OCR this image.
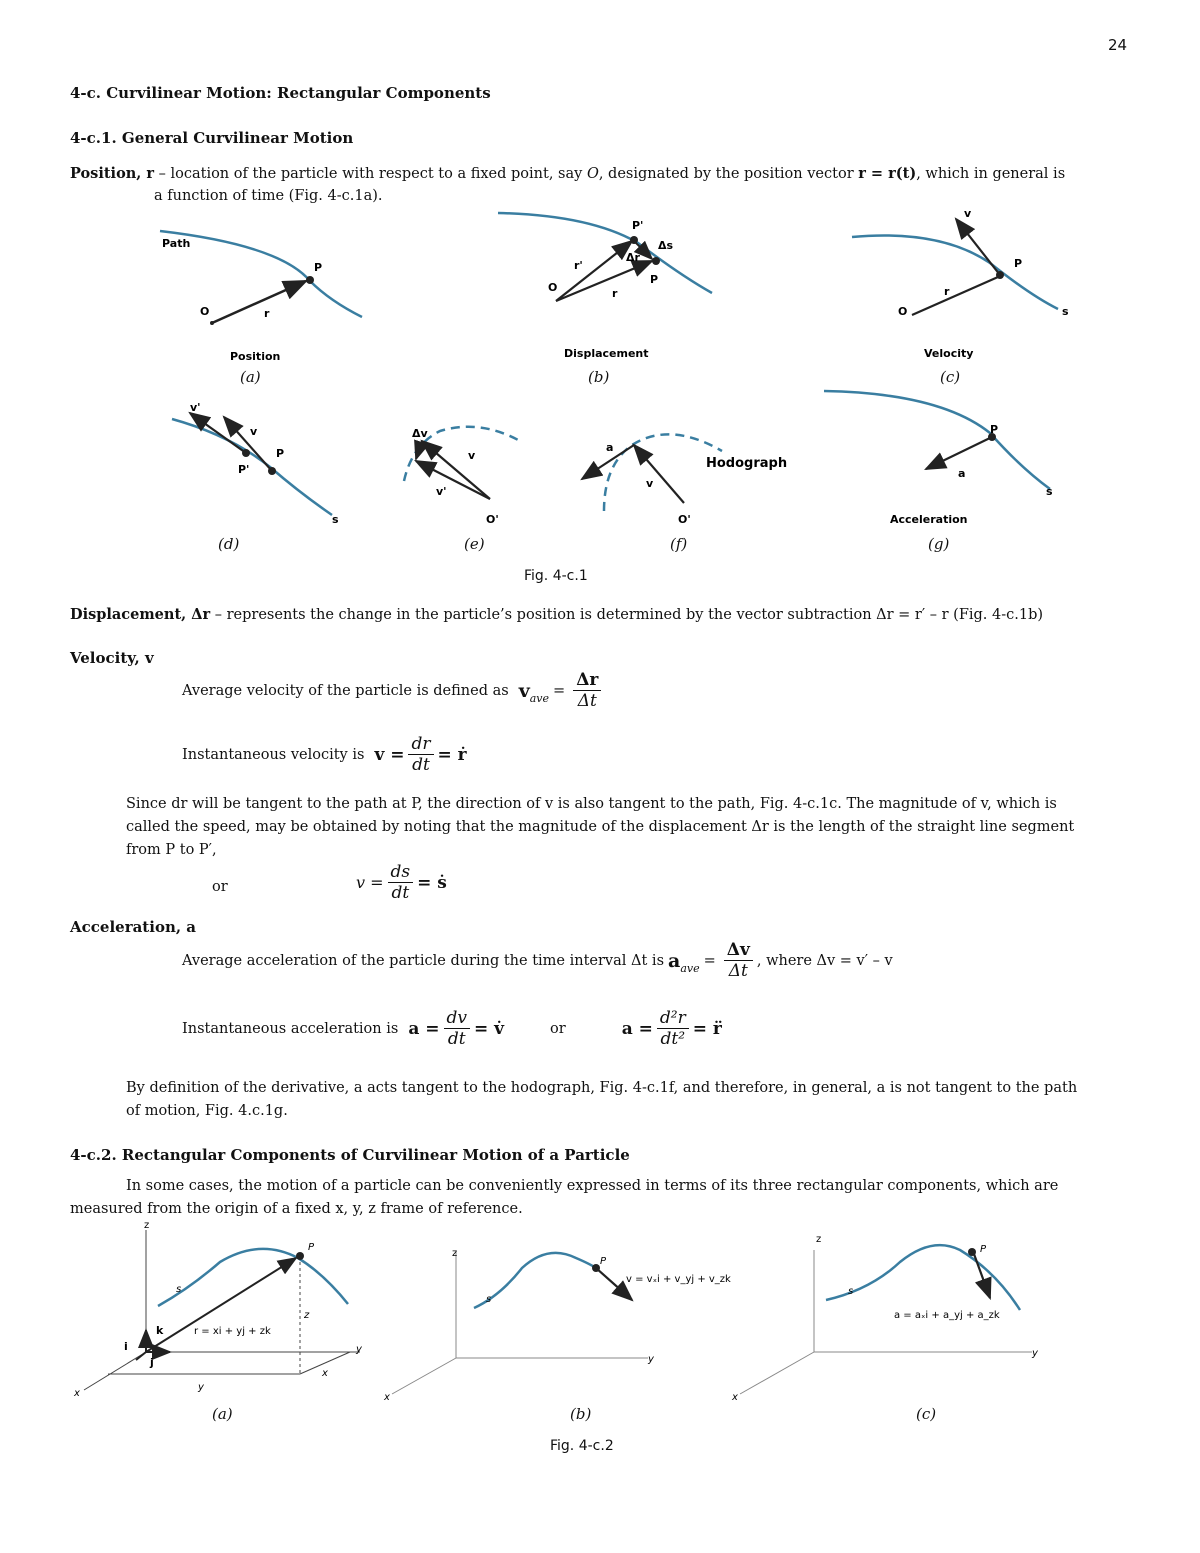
24
4-c. Curvilinear Motion: Rectangular Components
4-c.1. General Curvilinear Motion
Position, r – location of the particle with respect to a fixed point, say O, designated by the position vector r = r(t), which in general is
a function of time (Fig. 4-c.1a).
Path
P
O	r
Position
P'
Δs
Δr
r'
r
P
O
Displacement
v
P
r
O	s
Velocity
v'
v
P
P'
s
Δv
v
v'
O'
a
v
O'
Hodograph
P
a
s
Acceleration
(a)	(b)	(c)
(d)	(e)	(f)	(g)
Fig. 4-c.1
Displacement, Δr – represents the change in the particle’s position is determined by the vector subtraction Δr = r′ – r (Fig. 4-c.1b)
Velocity, v
Average velocity of the particle is defined as $v_{ave} = \frac{\Delta r}{\Delta t}$
Instantaneous velocity is $v = \frac{dr}{dt}$ = ṙ
Since dr will be tangent to the path at P, the direction of v is also tangent to the path, Fig. 4-c.1c. The magnitude of v, which is
called the speed, may be obtained by noting that the magnitude of the displacement Δr is the length of the straight line segment
from P to P′,
or	$v = \frac{ds}{dt}$ = ṡ
Acceleration, a
Average acceleration of the particle during the time interval Δt is $a_{ave} = \frac{\Delta v}{\Delta t}$ , where Δv = v′ – v
Instantaneous acceleration is $a = \frac{dv}{dt}$ = v̇	or	$a = \frac{\text{d²r}}{\text{dt²}}$ = r̈
By definition of the derivative, a acts tangent to the hodograph, Fig. 4-c.1f, and therefore, in general, a is not tangent to the path
of motion, Fig. 4.c.1g.
4-c.2. Rectangular Components of Curvilinear Motion of a Particle
In some cases, the motion of a particle can be conveniently expressed in terms of its three rectangular components, which are
measured from the origin of a fixed x, y, z frame of reference.
z
y
x
P
s
k
i
j
r = xi + yj + zk
z
x
y
z
y
x
P
s
v = vₓi + v_yj + v_zk
z
y
x
P
s
a = aₓi + a_yj + a_zk
(a)	(b)	(c)
Fig. 4-c.2
